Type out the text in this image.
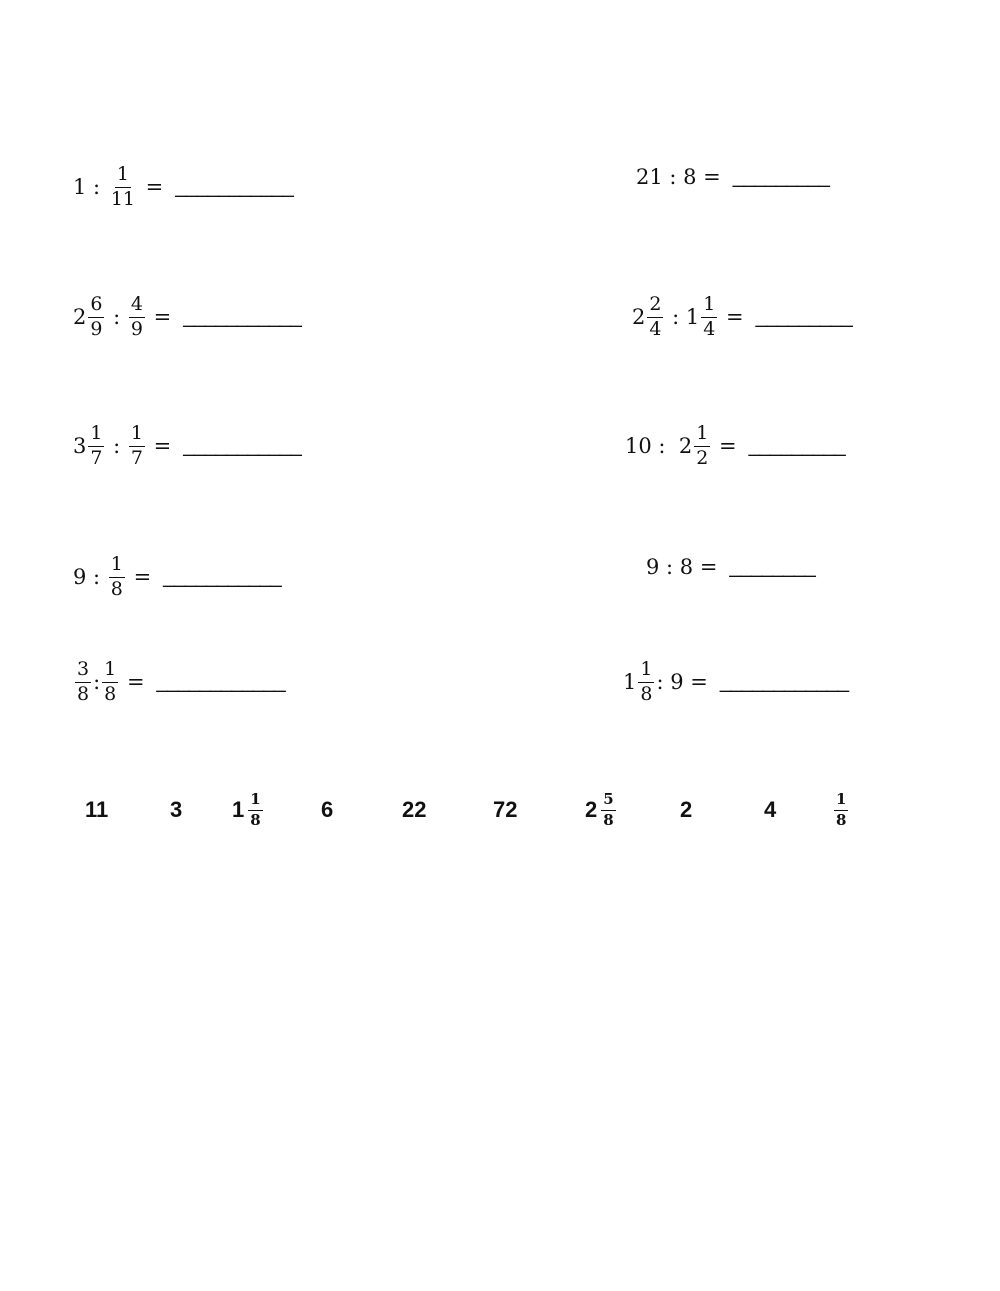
1 : $\frac{1}{11}$ = ___________	21 : 8 = _________
$2 \frac{6}{9}$ : $\frac{4}{9}$ = ___________	$2 \frac{2}{4}$ : $1 \frac{1}{4}$ = _________
$3 \frac{1}{7}$ : $\frac{1}{7}$ = ___________	10 :  $2 \frac{1}{2}$ = _________
9 : $\frac{1}{8}$ = ___________	9 : 8 = ________
$\frac{3}{8}$ : $\frac{1}{8}$ = ____________	$1 \frac{1}{8}$ : 9 = ____________
11	3 $1 \frac{1}{8}$	6	22	72	$2 \frac{5}{8}$	2	4	$\frac{1}{8}$
